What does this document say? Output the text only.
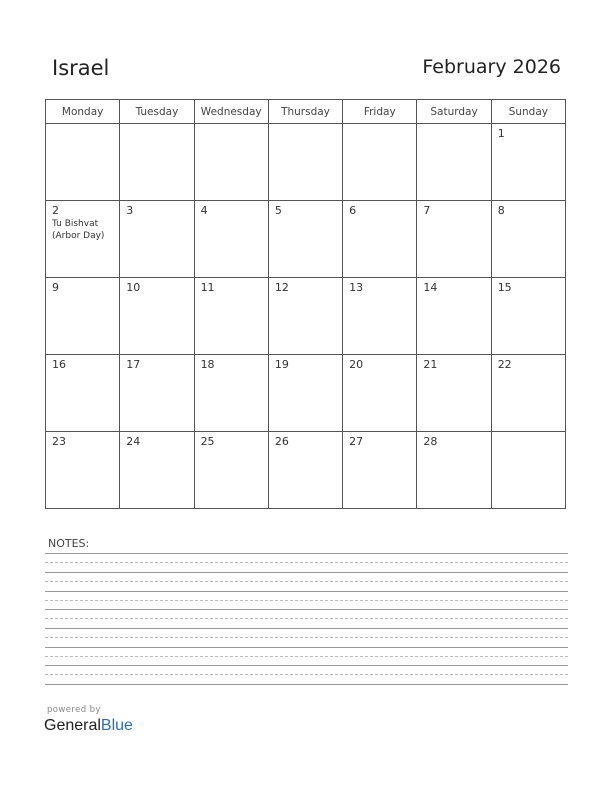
Israel	February 2026
Monday	Tuesday	Wednesday	Thursday	Friday	Saturday	Sunday

						1

2
Tu Bishvat (Arbor Day)	3	4	5	6	7	8

9	10	11	12	13	14	15

16	17	18	19	20	21	22

23	24	25	26	27	28	

NOTES:
powered by
GeneralBlue
